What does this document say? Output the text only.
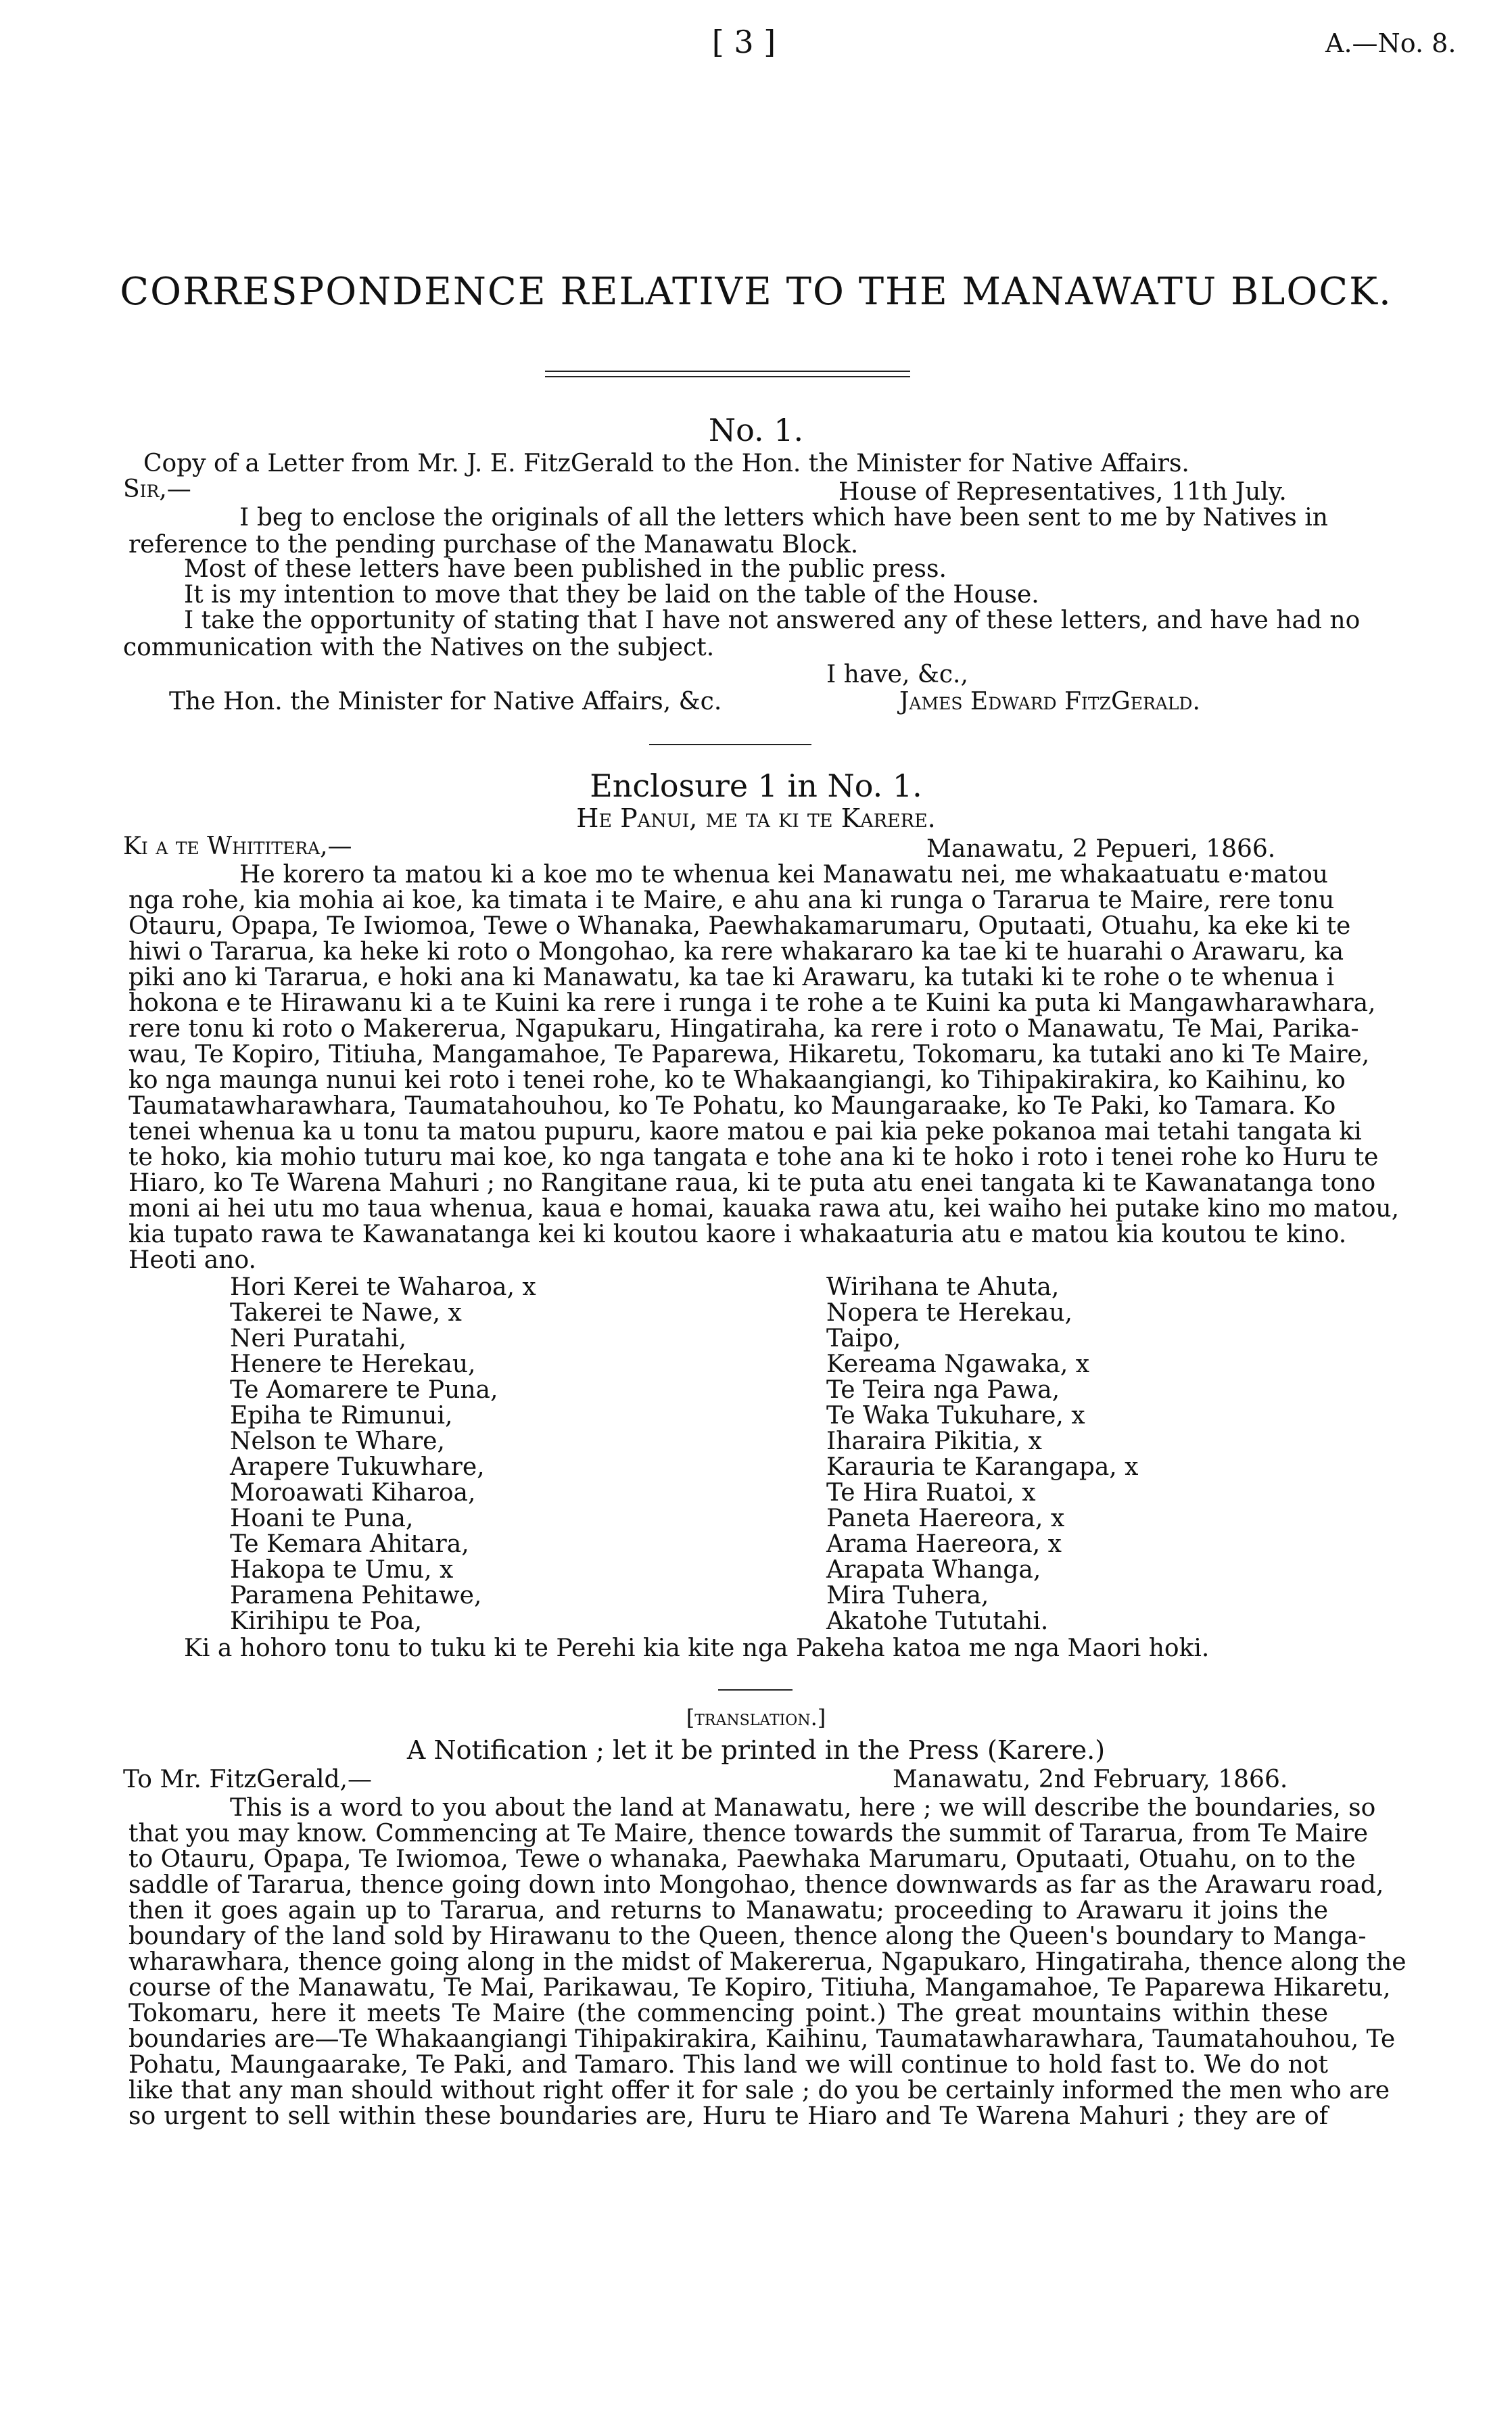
[ 3 ]	A.—No. 8.
CORRESPONDENCE RELATIVE TO THE MANAWATU BLOCK.
No. 1.
Copy of a Letter from Mr. J. E. FitzGerald to the Hon. the Minister for Native Affairs.
Sir,—	House of Representatives, 11th July.
I beg to enclose the originals of all the letters which have been sent to me by Natives in
reference to the pending purchase of the Manawatu Block.
Most of these letters have been published in the public press.
It is my intention to move that they be laid on the table of the House.
I take the opportunity of stating that I have not answered any of these letters, and have had no
communication with the Natives on the subject.
I have, &c.,
The Hon. the Minister for Native Affairs, &c.	James Edward FitzGerald.
Enclosure 1 in No. 1.
He Panui, me ta ki te Karere.
Ki a te Whititera,—	Manawatu, 2 Pepueri, 1866.
He korero ta matou ki a koe mo te whenua kei Manawatu nei, me whakaatuatu e·matou
nga rohe, kia mohia ai koe, ka timata i te Maire, e ahu ana ki runga o Tararua te Maire, rere tonu
Otauru, Opapa, Te Iwiomoa, Tewe o Whanaka, Paewhakamarumaru, Oputaati, Otuahu, ka eke ki te
hiwi o Tararua, ka heke ki roto o Mongohao, ka rere whakararo ka tae ki te huarahi o Arawaru, ka
piki ano ki Tararua, e hoki ana ki Manawatu, ka tae ki Arawaru, ka tutaki ki te rohe o te whenua i
hokona e te Hirawanu ki a te Kuini ka rere i runga i te rohe a te Kuini ka puta ki Mangawharawhara,
rere tonu ki roto o Makererua, Ngapukaru, Hingatiraha, ka rere i roto o Manawatu, Te Mai, Parika-
wau, Te Kopiro, Titiuha, Mangamahoe, Te Paparewa, Hikaretu, Tokomaru, ka tutaki ano ki Te Maire,
ko nga maunga nunui kei roto i tenei rohe, ko te Whakaangiangi, ko Tihipakirakira, ko Kaihinu, ko
Taumatawharawhara, Taumatahouhou, ko Te Pohatu, ko Maungaraake, ko Te Paki, ko Tamara. Ko
tenei whenua ka u tonu ta matou pupuru, kaore matou e pai kia peke pokanoa mai tetahi tangata ki
te hoko, kia mohio tuturu mai koe, ko nga tangata e tohe ana ki te hoko i roto i tenei rohe ko Huru te
Hiaro, ko Te Warena Mahuri ; no Rangitane raua, ki te puta atu enei tangata ki te Kawanatanga tono
moni ai hei utu mo taua whenua, kaua e homai, kauaka rawa atu, kei waiho hei putake kino mo matou,
kia tupato rawa te Kawanatanga kei ki koutou kaore i whakaaturia atu e matou kia koutou te kino.
Heoti ano.
Hori Kerei te Waharoa, x
Takerei te Nawe, x
Neri Puratahi,
Henere te Herekau,
Te Aomarere te Puna,
Epiha te Rimunui,
Nelson te Whare,
Arapere Tukuwhare,
Moroawati Kiharoa,
Hoani te Puna,
Te Kemara Ahitara,
Hakopa te Umu, x
Paramena Pehitawe,
Kirihipu te Poa,
Wirihana te Ahuta,
Nopera te Herekau,
Taipo,
Kereama Ngawaka, x
Te Teira nga Pawa,
Te Waka Tukuhare, x
Iharaira Pikitia, x
Karauria te Karangapa, x
Te Hira Ruatoi, x
Paneta Haereora, x
Arama Haereora, x
Arapata Whanga,
Mira Tuhera,
Akatohe Tututahi.
Ki a hohoro tonu to tuku ki te Perehi kia kite nga Pakeha katoa me nga Maori hoki.
[translation.]
A Notification ; let it be printed in the Press (Karere.)
To Mr. FitzGerald,—	Manawatu, 2nd February, 1866.
This is a word to you about the land at Manawatu, here ; we will describe the boundaries, so
that you may know. Commencing at Te Maire, thence towards the summit of Tararua, from Te Maire
to Otauru, Opapa, Te Iwiomoa, Tewe o whanaka, Paewhaka Marumaru, Oputaati, Otuahu, on to the
saddle of Tararua, thence going down into Mongohao, thence downwards as far as the Arawaru road,
then it goes again up to Tararua, and returns to Manawatu; proceeding to Arawaru it joins the
boundary of the land sold by Hirawanu to the Queen, thence along the Queen's boundary to Manga-
wharawhara, thence going along in the midst of Makererua, Ngapukaro, Hingatiraha, thence along the
course of the Manawatu, Te Mai, Parikawau, Te Kopiro, Titiuha, Mangamahoe, Te Paparewa Hikaretu,
Tokomaru, here it meets Te Maire (the commencing point.) The great mountains within these
boundaries are—Te Whakaangiangi Tihipakirakira, Kaihinu, Taumatawharawhara, Taumatahouhou, Te
Pohatu, Maungaarake, Te Paki, and Tamaro. This land we will continue to hold fast to. We do not
like that any man should without right offer it for sale ; do you be certainly informed the men who are
so urgent to sell within these boundaries are, Huru te Hiaro and Te Warena Mahuri ; they are of
